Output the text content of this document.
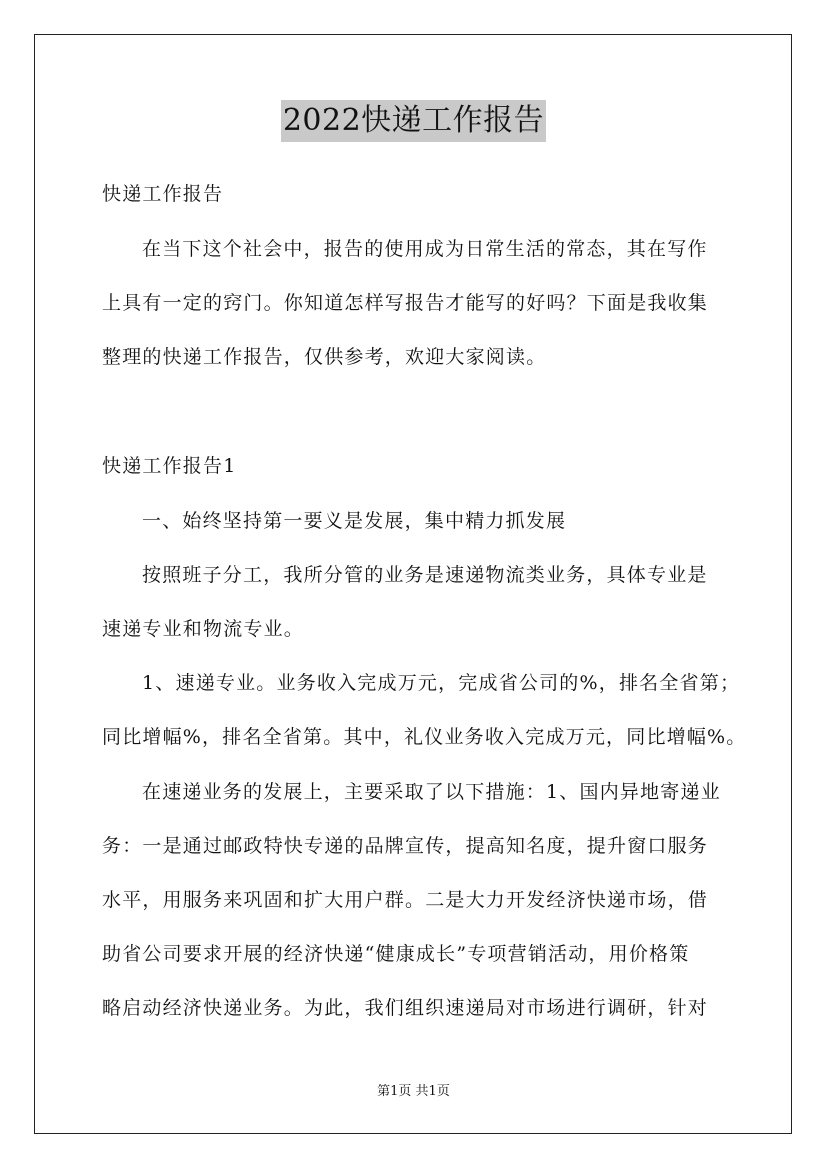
2022快递工作报告
快递工作报告
在当下这个社会中，报告的使用成为日常生活的常态，其在写作
上具有一定的窍门。你知道怎样写报告才能写的好吗？下面是我收集
整理的快递工作报告，仅供参考，欢迎大家阅读。
快递工作报告1
一、始终坚持第一要义是发展，集中精力抓发展
按照班子分工，我所分管的业务是速递物流类业务，具体专业是
速递专业和物流专业。
1、速递专业。业务收入完成万元，完成省公司的%，排名全省第；
同比增幅%，排名全省第。其中，礼仪业务收入完成万元，同比增幅%。
在速递业务的发展上，主要采取了以下措施：1、国内异地寄递业
务：一是通过邮政特快专递的品牌宣传，提高知名度，提升窗口服务
水平，用服务来巩固和扩大用户群。二是大力开发经济快递市场，借
助省公司要求开展的经济快递“健康成长”专项营销活动，用价格策
略启动经济快递业务。为此，我们组织速递局对市场进行调研，针对
第1页 共1页
